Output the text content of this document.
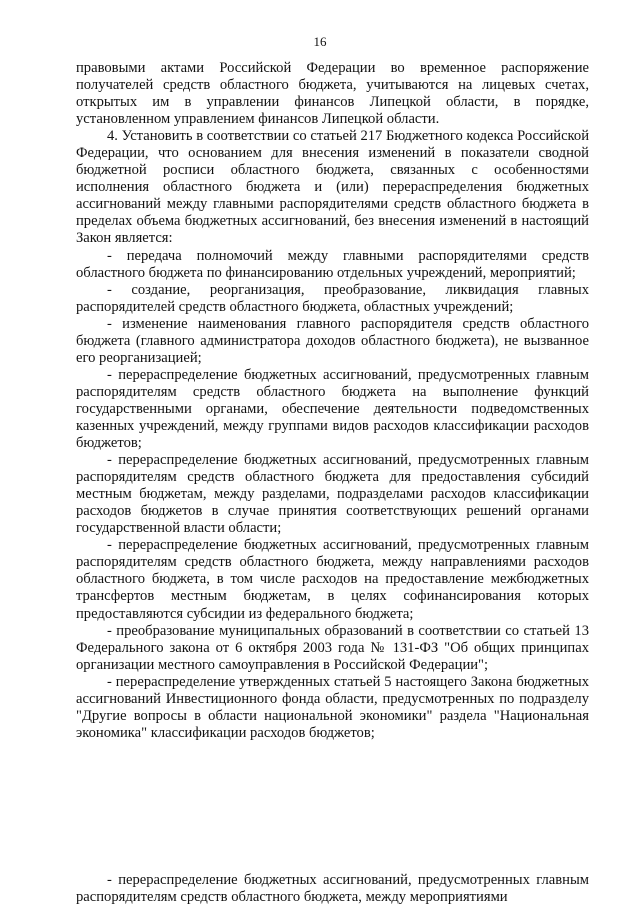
16

правовыми актами Российской Федерации во временное распоряжение получателей средств областного бюджета, учитываются на лицевых счетах, открытых им в управлении финансов Липецкой области, в порядке, установленном управлением финансов Липецкой области.

4. Установить в соответствии со статьей 217 Бюджетного кодекса Российской Федерации, что основанием для внесения изменений в показатели сводной бюджетной росписи областного бюджета, связанных с особенностями исполнения областного бюджета и (или) перераспределения бюджетных ассигнований между главными распорядителями средств областного бюджета в пределах объема бюджетных ассигнований, без внесения изменений в настоящий Закон является:

- передача полномочий между главными распорядителями средств областного бюджета по финансированию отдельных учреждений, мероприятий;

- создание, реорганизация, преобразование, ликвидация главных распорядителей средств областного бюджета, областных учреждений;

- изменение наименования главного распорядителя средств областного бюджета (главного администратора доходов областного бюджета), не вызванное его реорганизацией;

- перераспределение бюджетных ассигнований, предусмотренных главным распорядителям средств областного бюджета на выполнение функций государственными органами, обеспечение деятельности подведомственных казенных учреждений, между группами видов расходов классификации расходов бюджетов;

- перераспределение бюджетных ассигнований, предусмотренных главным распорядителям средств областного бюджета для предоставления субсидий местным бюджетам, между разделами, подразделами расходов классификации расходов бюджетов в случае принятия соответствующих решений органами государственной власти области;

- перераспределение бюджетных ассигнований, предусмотренных главным распорядителям средств областного бюджета, между направлениями расходов областного бюджета, в том числе расходов на предоставление межбюджетных трансфертов местным бюджетам, в целях софинансирования которых предоставляются субсидии из федерального бюджета;

- преобразование муниципальных образований в соответствии со статьей 13 Федерального закона от 6 октября 2003 года № 131-ФЗ "Об общих принципах организации местного самоуправления в Российской Федерации";

- перераспределение утвержденных статьей 5 настоящего Закона бюджетных ассигнований Инвестиционного фонда области, предусмотренных по подразделу "Другие вопросы в области национальной экономики" раздела "Национальная экономика" классификации расходов бюджетов;

- перераспределение бюджетных ассигнований, предусмотренных главным распорядителям средств областного бюджета, между мероприятиями
